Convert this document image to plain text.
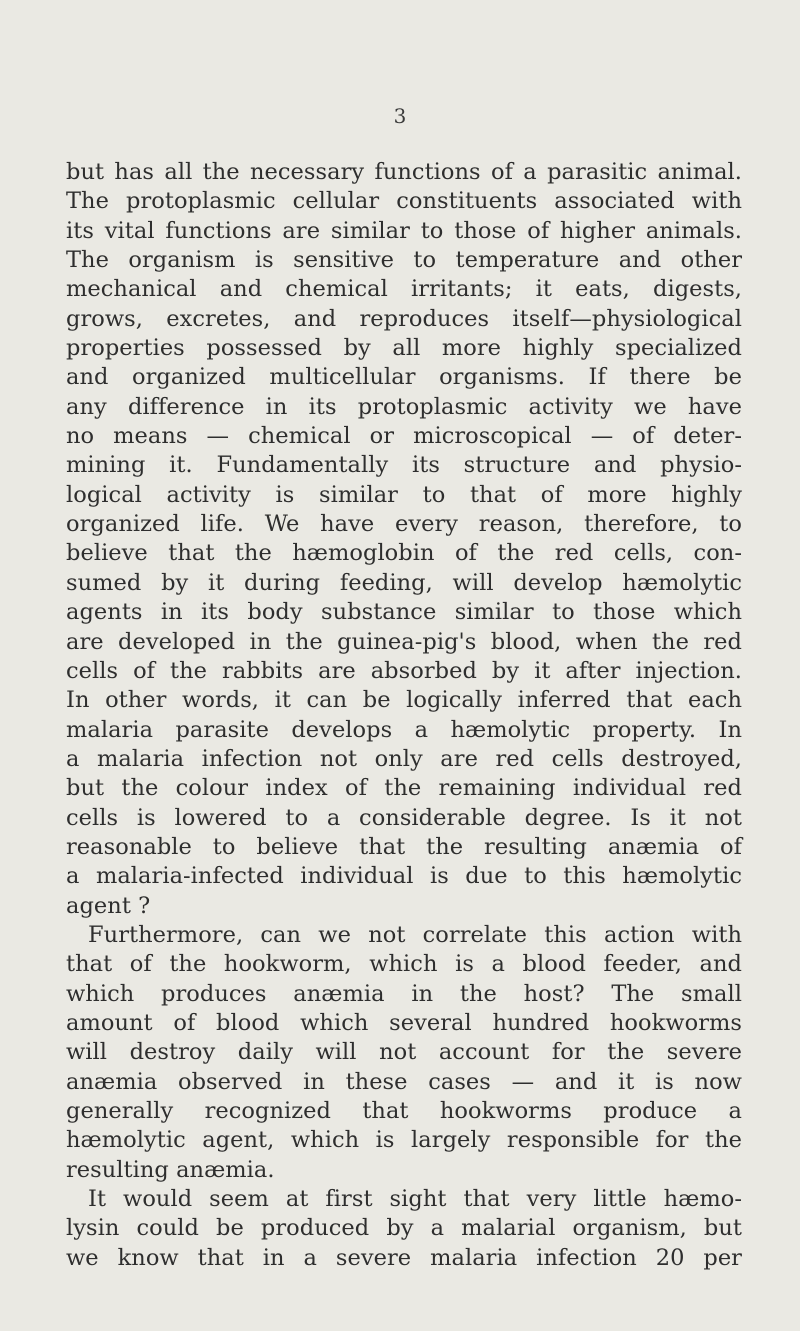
3
but has all the necessary functions of a parasitic animal.
The protoplasmic cellular constituents associated with
its vital functions are similar to those of higher animals.
The organism is sensitive to temperature and other
mechanical and chemical irritants; it eats, digests,
grows, excretes, and reproduces itself—physiological
properties possessed by all more highly specialized
and organized multicellular organisms. If there be
any difference in its protoplasmic activity we have
no means — chemical or microscopical — of deter-
mining it. Fundamentally its structure and physio-
logical activity is similar to that of more highly
organized life. We have every reason, therefore, to
believe that the hæmoglobin of the red cells, con-
sumed by it during feeding, will develop hæmolytic
agents in its body substance similar to those which
are developed in the guinea-pig's blood, when the red
cells of the rabbits are absorbed by it after injection.
In other words, it can be logically inferred that each
malaria parasite develops a hæmolytic property. In
a malaria infection not only are red cells destroyed,
but the colour index of the remaining individual red
cells is lowered to a considerable degree. Is it not
reasonable to believe that the resulting anæmia of
a malaria-infected individual is due to this hæmolytic
agent ?
Furthermore, can we not correlate this action with
that of the hookworm, which is a blood feeder, and
which produces anæmia in the host? The small
amount of blood which several hundred hookworms
will destroy daily will not account for the severe
anæmia observed in these cases — and it is now
generally recognized that hookworms produce a
hæmolytic agent, which is largely responsible for the
resulting anæmia.
It would seem at first sight that very little hæmo-
lysin could be produced by a malarial organism, but
we know that in a severe malaria infection 20 per
